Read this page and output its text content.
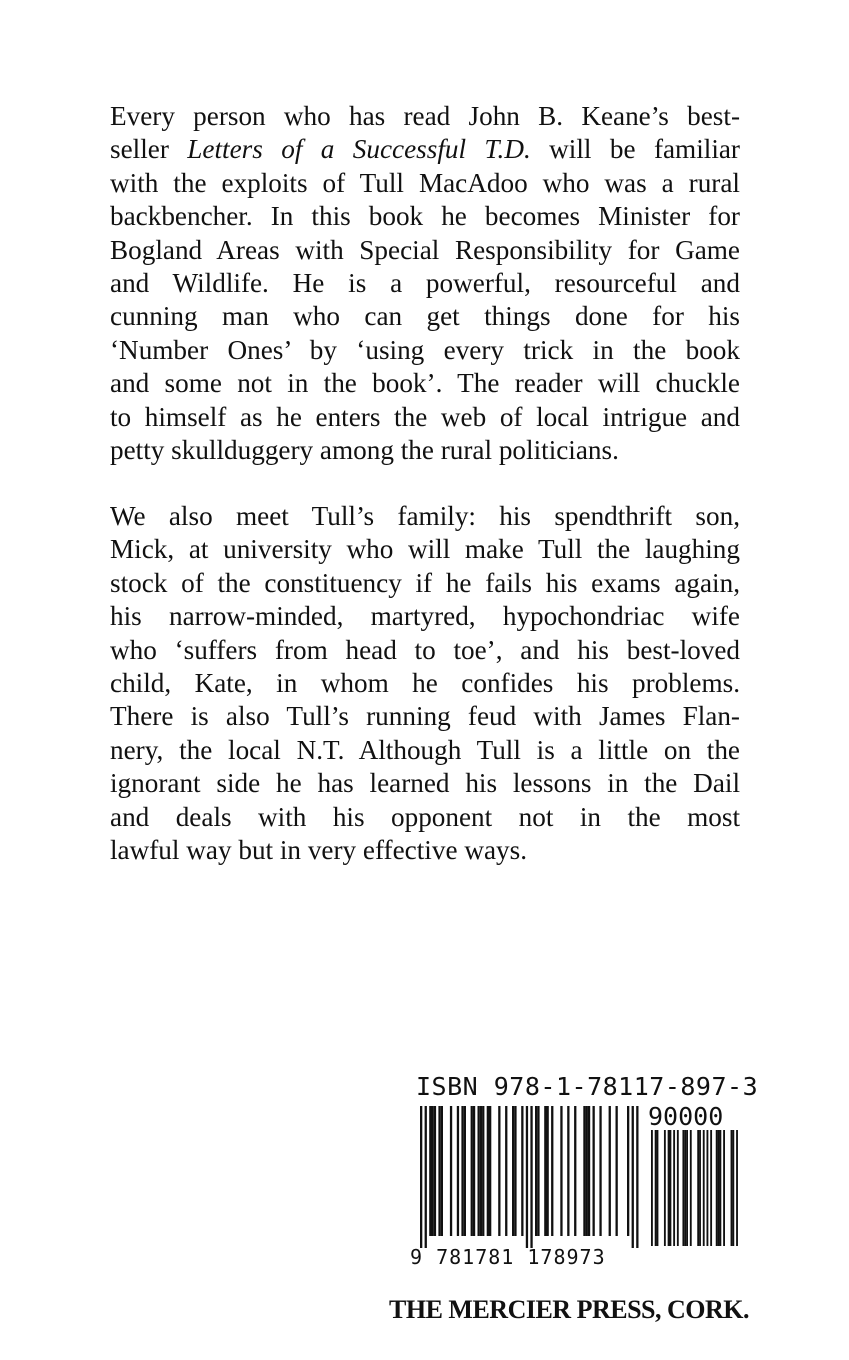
Every person who has read John B. Keane’s best-
seller Letters of a Successful T.D. will be familiar
with the exploits of Tull MacAdoo who was a rural
backbencher. In this book he becomes Minister for
Bogland Areas with Special Responsibility for Game
and Wildlife. He is a powerful, resourceful and
cunning man who can get things done for his
‘Number Ones’ by ‘using every trick in the book
and some not in the book’. The reader will chuckle
to himself as he enters the web of local intrigue and
petty skullduggery among the rural politicians.
We also meet Tull’s family: his spendthrift son,
Mick, at university who will make Tull the laughing
stock of the constituency if he fails his exams again,
his narrow-minded, martyred, hypochondriac wife
who ‘suffers from head to toe’, and his best-loved
child, Kate, in whom he confides his problems.
There is also Tull’s running feud with James Flan-
nery, the local N.T. Although Tull is a little on the
ignorant side he has learned his lessons in the Dail
and deals with his opponent not in the most
lawful way but in very effective ways.
ISBN 978-1-78117-897-3
90000
9 781781 178973
THE MERCIER PRESS, CORK.
